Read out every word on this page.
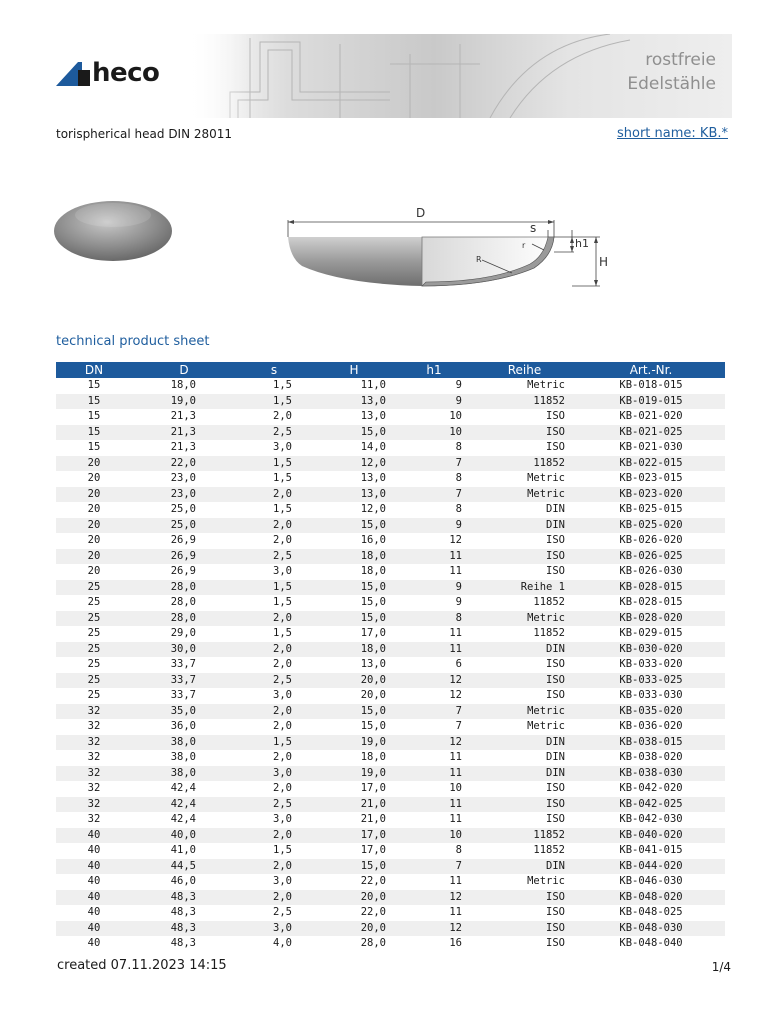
rostfreie
Edelstähle
heco
torispherical head DIN 28011	short name: KB.*
D
s
h1
H
r
R
technical product sheet
DN	D	s	H	h1	Reihe	Art.-Nr.
15	18,0	1,5	11,0	9	Metric	KB-018-015
15	19,0	1,5	13,0	9	11852	KB-019-015
15	21,3	2,0	13,0	10	ISO	KB-021-020
15	21,3	2,5	15,0	10	ISO	KB-021-025
15	21,3	3,0	14,0	8	ISO	KB-021-030
20	22,0	1,5	12,0	7	11852	KB-022-015
20	23,0	1,5	13,0	8	Metric	KB-023-015
20	23,0	2,0	13,0	7	Metric	KB-023-020
20	25,0	1,5	12,0	8	DIN	KB-025-015
20	25,0	2,0	15,0	9	DIN	KB-025-020
20	26,9	2,0	16,0	12	ISO	KB-026-020
20	26,9	2,5	18,0	11	ISO	KB-026-025
20	26,9	3,0	18,0	11	ISO	KB-026-030
25	28,0	1,5	15,0	9	Reihe 1	KB-028-015
25	28,0	1,5	15,0	9	11852	KB-028-015
25	28,0	2,0	15,0	8	Metric	KB-028-020
25	29,0	1,5	17,0	11	11852	KB-029-015
25	30,0	2,0	18,0	11	DIN	KB-030-020
25	33,7	2,0	13,0	6	ISO	KB-033-020
25	33,7	2,5	20,0	12	ISO	KB-033-025
25	33,7	3,0	20,0	12	ISO	KB-033-030
32	35,0	2,0	15,0	7	Metric	KB-035-020
32	36,0	2,0	15,0	7	Metric	KB-036-020
32	38,0	1,5	19,0	12	DIN	KB-038-015
32	38,0	2,0	18,0	11	DIN	KB-038-020
32	38,0	3,0	19,0	11	DIN	KB-038-030
32	42,4	2,0	17,0	10	ISO	KB-042-020
32	42,4	2,5	21,0	11	ISO	KB-042-025
32	42,4	3,0	21,0	11	ISO	KB-042-030
40	40,0	2,0	17,0	10	11852	KB-040-020
40	41,0	1,5	17,0	8	11852	KB-041-015
40	44,5	2,0	15,0	7	DIN	KB-044-020
40	46,0	3,0	22,0	11	Metric	KB-046-030
40	48,3	2,0	20,0	12	ISO	KB-048-020
40	48,3	2,5	22,0	11	ISO	KB-048-025
40	48,3	3,0	20,0	12	ISO	KB-048-030
40	48,3	4,0	28,0	16	ISO	KB-048-040
created 07.11.2023 14:15	1/4
